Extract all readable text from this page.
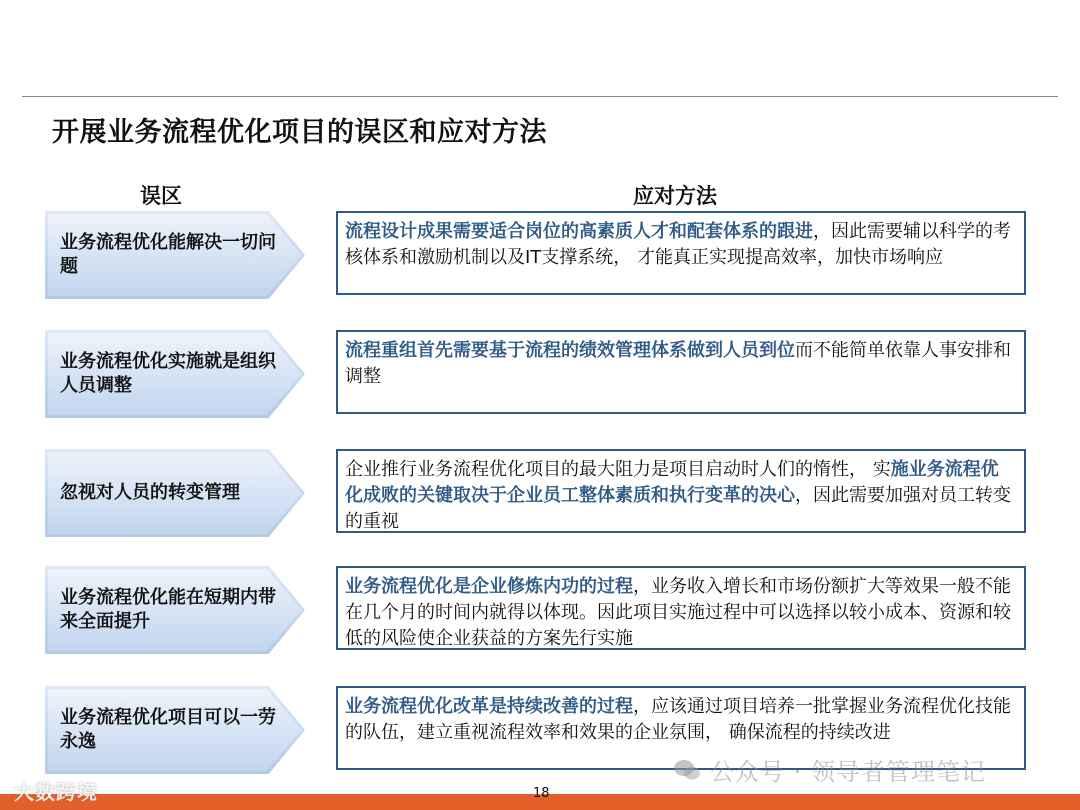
开展业务流程优化项目的误区和应对方法
误区	应对方法
业务流程优化能解决一切问题
流程设计成果需要适合岗位的高素质人才和配套体系的跟进，因此需要辅以科学的考核体系和激励机制以及IT支撑系统， 才能真正实现提高效率，加快市场响应
业务流程优化实施就是组织人员调整
流程重组首先需要基于流程的绩效管理体系做到人员到位而不能简单依靠人事安排和调整
忽视对人员的转变管理
企业推行业务流程优化项目的最大阻力是项目启动时人们的惰性， 实施业务流程优化成败的关键取决于企业员工整体素质和执行变革的决心，因此需要加强对员工转变的重视
业务流程优化能在短期内带来全面提升
业务流程优化是企业修炼内功的过程，业务收入增长和市场份额扩大等效果一般不能在几个月的时间内就得以体现。因此项目实施过程中可以选择以较小成本、资源和较低的风险使企业获益的方案先行实施
业务流程优化项目可以一劳永逸
业务流程优化改革是持续改善的过程，应该通过项目培养一批掌握业务流程优化技能的队伍，建立重视流程效率和效果的企业氛围， 确保流程的持续改进
公众号 · 领导者管理笔记
18
大数跨境
